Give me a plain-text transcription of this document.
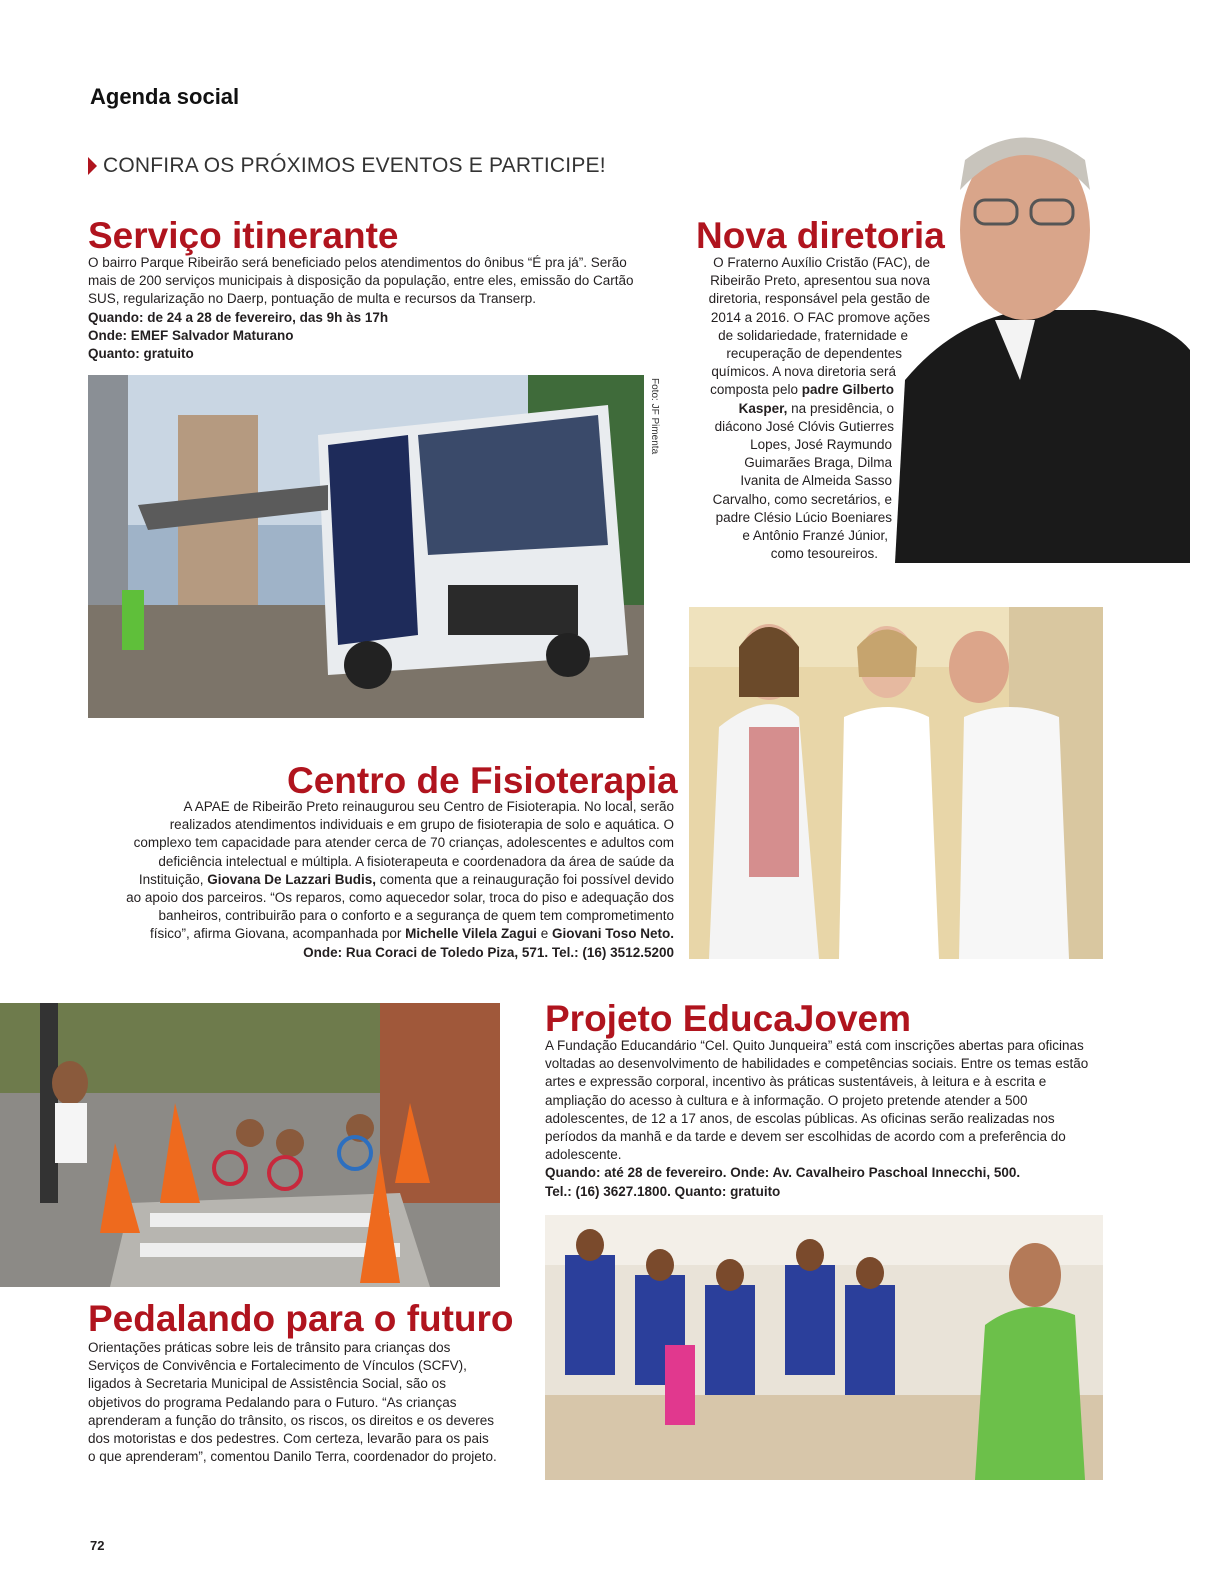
Agenda social
CONFIRA OS PRÓXIMOS EVENTOS E PARTICIPE!
Serviço itinerante
O bairro Parque Ribeirão será beneficiado pelos atendimentos do ônibus “É pra já”. Serão mais de 200 serviços municipais à disposição da população, entre eles, emissão do Cartão SUS, regularização no Daerp, pontuação de multa e recursos da Transerp.
Quando: de 24 a 28 de fevereiro, das 9h às 17h
Onde: EMEF Salvador Maturano
Quanto: gratuito
Foto: JF Pimenta
Nova diretoria
O Fraterno Auxílio Cristão (FAC), de
Ribeirão Preto, apresentou sua nova
diretoria, responsável pela gestão de
2014 a 2016. O FAC promove ações
de solidariedade, fraternidade e
recuperação de dependentes
químicos. A nova diretoria será
composta pelo padre Gilberto
Kasper, na presidência, o
diácono José Clóvis Gutierres
Lopes, José Raymundo
Guimarães Braga, Dilma
Ivanita de Almeida Sasso
Carvalho, como secretários, e
padre Clésio Lúcio Boeniares
e Antônio Franzé Júnior,
como tesoureiros.
Centro de Fisioterapia
A APAE de Ribeirão Preto reinaugurou seu Centro de Fisioterapia. No local, serão
realizados atendimentos individuais e em grupo de fisioterapia de solo e aquática. O
complexo tem capacidade para atender cerca de 70 crianças, adolescentes e adultos com
deficiência intelectual e múltipla. A fisioterapeuta e coordenadora da área de saúde da
Instituição, Giovana De Lazzari Budis, comenta que a reinauguração foi possível devido
ao apoio dos parceiros. “Os reparos, como aquecedor solar, troca do piso e adequação dos
banheiros, contribuirão para o conforto e a segurança de quem tem comprometimento
físico”, afirma Giovana, acompanhada por Michelle Vilela Zagui e Giovani Toso Neto.
Onde: Rua Coraci de Toledo Piza, 571. Tel.: (16) 3512.5200
Projeto EducaJovem
A Fundação Educandário “Cel. Quito Junqueira” está com inscrições abertas para oficinas voltadas ao desenvolvimento de habilidades e competências sociais. Entre os temas estão artes e expressão corporal, incentivo às práticas sustentáveis, à leitura e à escrita e ampliação do acesso à cultura e à informação. O projeto pretende atender a 500 adolescentes, de 12 a 17 anos, de escolas públicas. As oficinas serão realizadas nos períodos da manhã e da tarde e devem ser escolhidas de acordo com a preferência do adolescente.
Quando: até 28 de fevereiro. Onde: Av. Cavalheiro Paschoal Innecchi, 500.
Tel.: (16) 3627.1800. Quanto: gratuito
Pedalando para o futuro
Orientações práticas sobre leis de trânsito para crianças dos Serviços de Convivência e Fortalecimento de Vínculos (SCFV), ligados à Secretaria Municipal de Assistência Social, são os objetivos do programa Pedalando para o Futuro. “As crianças aprenderam a função do trânsito, os riscos, os direitos e os deveres dos motoristas e dos pedestres. Com certeza, levarão para os pais o que aprenderam”, comentou Danilo Terra, coordenador do projeto.
72
